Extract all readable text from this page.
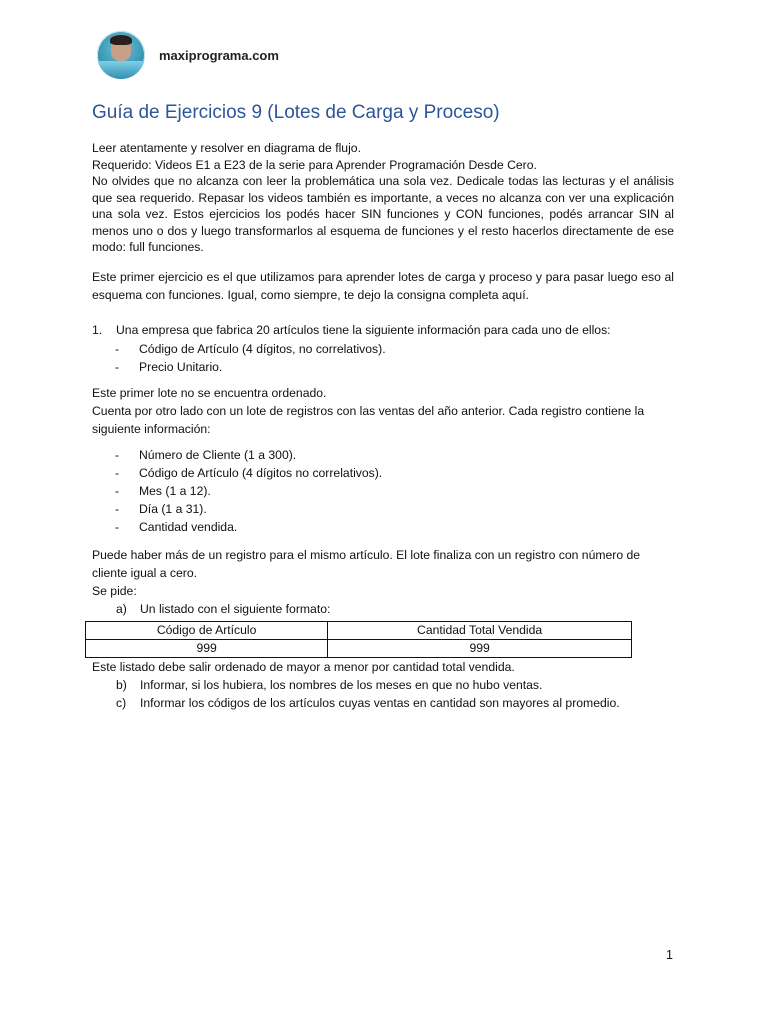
maxiprograma.com
Guía de Ejercicios 9 (Lotes de Carga y Proceso)

Leer atentamente y resolver en diagrama de flujo.

Requerido: Videos E1 a E23 de la serie para Aprender Programación Desde Cero.

No olvides que no alcanza con leer la problemática una sola vez. Dedicale todas las lecturas y el análisis que sea requerido. Repasar los videos también es importante, a veces no alcanza con ver una explicación una sola vez. Estos ejercicios los podés hacer SIN funciones y CON funciones, podés arrancar SIN al menos uno o dos y luego transformarlos al esquema de funciones y el resto hacerlos directamente de ese modo: full funciones.

Este primer ejercicio es el que utilizamos para aprender lotes de carga y proceso y para pasar luego eso al esquema con funciones. Igual, como siempre, te dejo la consigna completa aquí.

1.	Una empresa que fabrica 20 artículos tiene la siguiente información para cada uno de ellos:
-	Código de Artículo (4 dígitos, no correlativos).
-	Precio Unitario.

Este primer lote no se encuentra ordenado.

Cuenta por otro lado con un lote de registros con las ventas del año anterior. Cada registro contiene la siguiente información:

-	Número de Cliente (1 a 300).
-	Código de Artículo (4 dígitos no correlativos).
-	Mes (1 a 12).
-	Día (1 a 31).
-	Cantidad vendida.

Puede haber más de un registro para el mismo artículo. El lote finaliza con un registro con número de cliente igual a cero.

Se pide:

a)	Un listado con el siguiente formato:
Código de Artículo	Cantidad Total Vendida
999	999

Este listado debe salir ordenado de mayor a menor por cantidad total vendida.

b)	Informar, si los hubiera, los nombres de los meses en que no hubo ventas.
c)	Informar los códigos de los artículos cuyas ventas en cantidad son mayores al promedio.
1
